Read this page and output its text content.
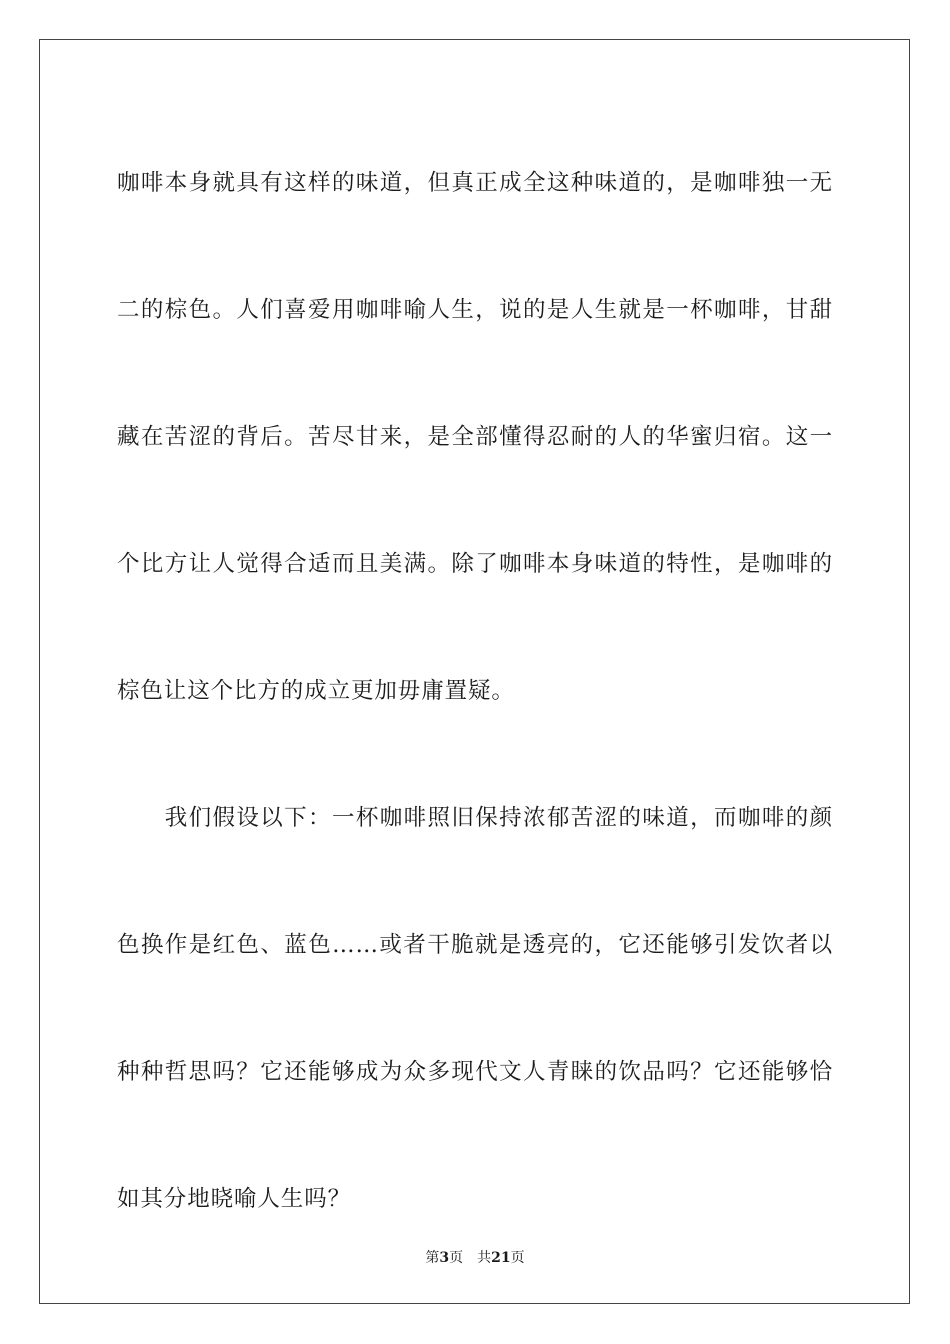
咖啡本身就具有这样的味道，但真正成全这种味道的，是咖啡独一无二的棕色。人们喜爱用咖啡喻人生，说的是人生就是一杯咖啡，甘甜藏在苦涩的背后。苦尽甘来，是全部懂得忍耐的人的华蜜归宿。这一个比方让人觉得合适而且美满。除了咖啡本身味道的特性，是咖啡的棕色让这个比方的成立更加毋庸置疑。

　　我们假设以下：一杯咖啡照旧保持浓郁苦涩的味道，而咖啡的颜色换作是红色、蓝色……或者干脆就是透亮的，它还能够引发饮者以种种哲思吗？它还能够成为众多现代文人青睐的饮品吗？它还能够恰如其分地晓喻人生吗？

第3页 共21页
